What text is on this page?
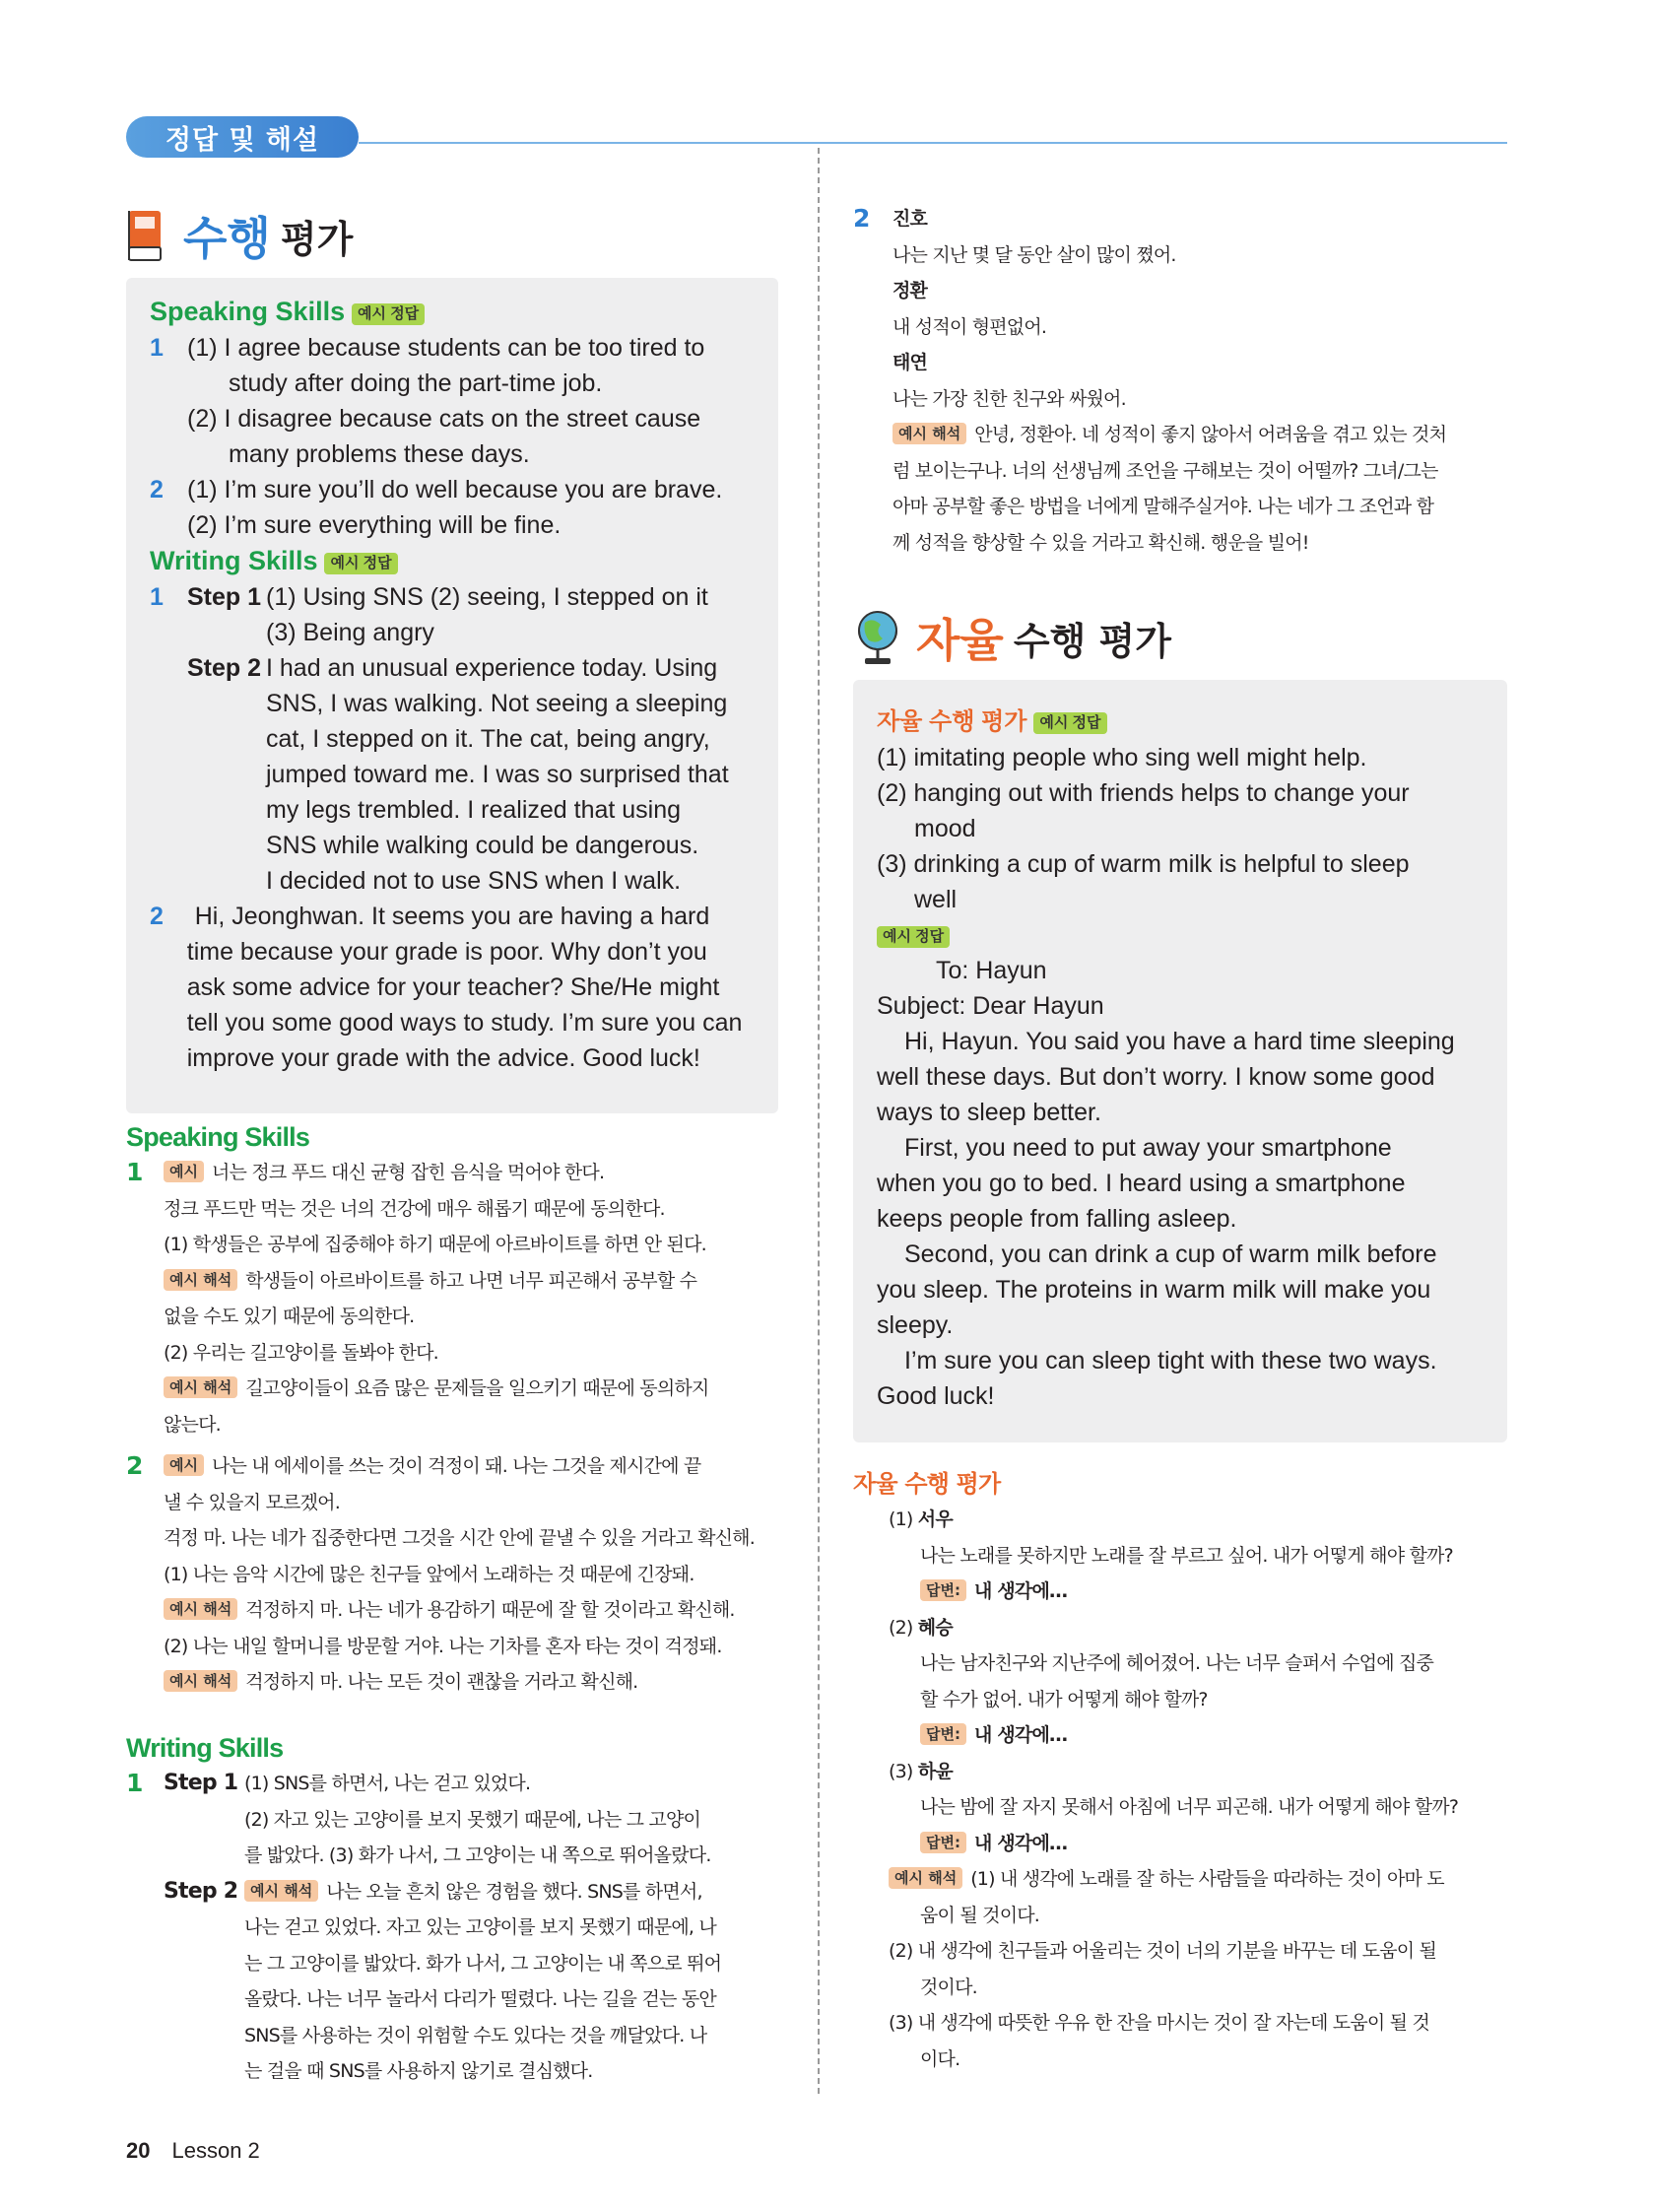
정답 및 해설
수행 평가
Speaking Skills 예시 정답
1 (1) I agree because students can be too tired to
study after doing the part-time job.
(2) I disagree because cats on the street cause
many problems these days.
2 (1) I’m sure you’ll do well because you are brave.
(2) I’m sure everything will be fine.
Writing Skills 예시 정답
1 Step 1 (1) Using SNS (2) seeing, I stepped on it
(3) Being angry
Step 2 I had an unusual experience today. Using
SNS, I was walking. Not seeing a sleeping
cat, I stepped on it. The cat, being angry,
jumped toward me. I was so surprised that
my legs trembled. I realized that using
SNS while walking could be dangerous.
I decided not to use SNS when I walk.
2	Hi, Jeonghwan. It seems you are having a hard
time because your grade is poor. Why don’t you
ask some advice for your teacher? She/He might
tell you some good ways to study. I’m sure you can
improve your grade with the advice. Good luck!
Speaking Skills
1	예시 너는 정크 푸드 대신 균형 잡힌 음식을 먹어야 한다.
정크 푸드만 먹는 것은 너의 건강에 매우 해롭기 때문에 동의한다.
(1) 학생들은 공부에 집중해야 하기 때문에 아르바이트를 하면 안 된다.
예시 해석 학생들이 아르바이트를 하고 나면 너무 피곤해서 공부할 수
없을 수도 있기 때문에 동의한다.
(2) 우리는 길고양이를 돌봐야 한다.
예시 해석 길고양이들이 요즘 많은 문제들을 일으키기 때문에 동의하지
않는다.
2	예시 나는 내 에세이를 쓰는 것이 걱정이 돼. 나는 그것을 제시간에 끝
낼 수 있을지 모르겠어.
걱정 마. 나는 네가 집중한다면 그것을 시간 안에 끝낼 수 있을 거라고 확신해.
(1) 나는 음악 시간에 많은 친구들 앞에서 노래하는 것 때문에 긴장돼.
예시 해석 걱정하지 마. 나는 네가 용감하기 때문에 잘 할 것이라고 확신해.
(2) 나는 내일 할머니를 방문할 거야. 나는 기차를 혼자 타는 것이 걱정돼.
예시 해석 걱정하지 마. 나는 모든 것이 괜찮을 거라고 확신해.
Writing Skills
1 Step 1 (1) SNS를 하면서, 나는 걷고 있었다.
(2) 자고 있는 고양이를 보지 못했기 때문에, 나는 그 고양이
를 밟았다. (3) 화가 나서, 그 고양이는 내 쪽으로 뛰어올랐다.
Step 2 예시 해석 나는 오늘 흔치 않은 경험을 했다. SNS를 하면서,
나는 걷고 있었다. 자고 있는 고양이를 보지 못했기 때문에, 나
는 그 고양이를 밟았다. 화가 나서, 그 고양이는 내 쪽으로 뛰어
올랐다. 나는 너무 놀라서 다리가 떨렸다. 나는 길을 걷는 동안
SNS를 사용하는 것이 위험할 수도 있다는 것을 깨달았다. 나
는 걸을 때 SNS를 사용하지 않기로 결심했다.
2	진호
나는 지난 몇 달 동안 살이 많이 쪘어.
정환
내 성적이 형편없어.
태연
나는 가장 친한 친구와 싸웠어.
예시 해석 안녕, 정환아. 네 성적이 좋지 않아서 어려움을 겪고 있는 것처
럼 보이는구나. 너의 선생님께 조언을 구해보는 것이 어떨까? 그녀/그는
아마 공부할 좋은 방법을 너에게 말해주실거야. 나는 네가 그 조언과 함
께 성적을 향상할 수 있을 거라고 확신해. 행운을 빌어!
자율 수행 평가
자율 수행 평가 예시 정답
(1) imitating people who sing well might help.
(2) hanging out with friends helps to change your
mood
(3) drinking a cup of warm milk is helpful to sleep
well
예시 정답
To: Hayun
Subject: Dear Hayun
Hi, Hayun. You said you have a hard time sleeping
well these days. But don’t worry. I know some good
ways to sleep better.
First, you need to put away your smartphone
when you go to bed. I heard using a smartphone
keeps people from falling asleep.
Second, you can drink a cup of warm milk before
you sleep. The proteins in warm milk will make you
sleepy.
I’m sure you can sleep tight with these two ways.
Good luck!
자율 수행 평가
(1) 서우
나는 노래를 못하지만 노래를 잘 부르고 싶어. 내가 어떻게 해야 할까?
답변: 내 생각에…
(2) 혜승
나는 남자친구와 지난주에 헤어졌어. 나는 너무 슬퍼서 수업에 집중
할 수가 없어. 내가 어떻게 해야 할까?
답변: 내 생각에…
(3) 하윤
나는 밤에 잘 자지 못해서 아침에 너무 피곤해. 내가 어떻게 해야 할까?
답변: 내 생각에…
예시 해석 (1) 내 생각에 노래를 잘 하는 사람들을 따라하는 것이 아마 도
움이 될 것이다.
(2) 내 생각에 친구들과 어울리는 것이 너의 기분을 바꾸는 데 도움이 될
것이다.
(3) 내 생각에 따뜻한 우유 한 잔을 마시는 것이 잘 자는데 도움이 될 것
이다.
20 Lesson 2
